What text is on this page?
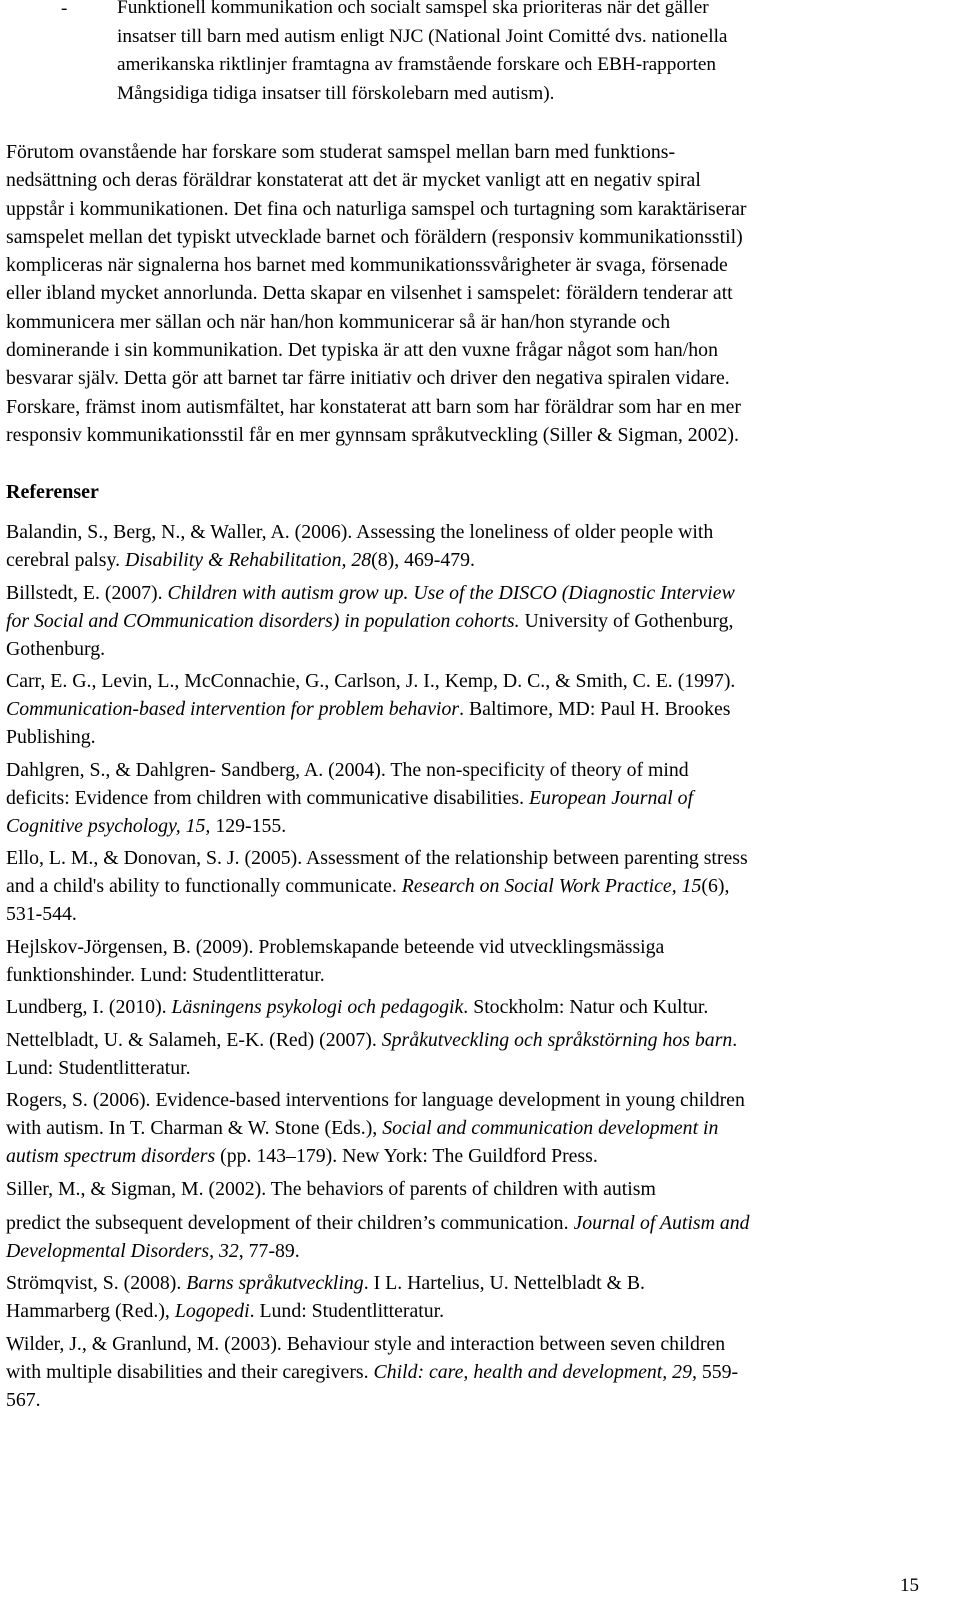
-	Funktionell kommunikation och socialt samspel ska prioriteras när det gäller
insatser till barn med autism enligt NJC (National Joint Comitté dvs. nationella
amerikanska riktlinjer framtagna av framstående forskare och EBH-rapporten
Mångsidiga tidiga insatser till förskolebarn med autism).
Förutom ovanstående har forskare som studerat samspel mellan barn med funktions-
nedsättning och deras föräldrar konstaterat att det är mycket vanligt att en negativ spiral
uppstår i kommunikationen. Det fina och naturliga samspel och turtagning som karaktäriserar
samspelet mellan det typiskt utvecklade barnet och föräldern (responsiv kommunikationsstil)
kompliceras när signalerna hos barnet med kommunikationssvårigheter är svaga, försenade
eller ibland mycket annorlunda. Detta skapar en vilsenhet i samspelet: föräldern tenderar att
kommunicera mer sällan och när han/hon kommunicerar så är han/hon styrande och
dominerande i sin kommunikation. Det typiska är att den vuxne frågar något som han/hon
besvarar själv. Detta gör att barnet tar färre initiativ och driver den negativa spiralen vidare.
Forskare, främst inom autismfältet, har konstaterat att barn som har föräldrar som har en mer
responsiv kommunikationsstil får en mer gynnsam språkutveckling (Siller & Sigman, 2002).
Referenser
Balandin, S., Berg, N., & Waller, A. (2006). Assessing the loneliness of older people with
cerebral palsy. Disability & Rehabilitation, 28(8), 469-479.
Billstedt, E. (2007). Children with autism grow up. Use of the DISCO (Diagnostic Interview
for Social and COmmunication disorders) in population cohorts. University of Gothenburg,
Gothenburg.
Carr, E. G., Levin, L., McConnachie, G., Carlson, J. I., Kemp, D. C., & Smith, C. E. (1997).
Communication-based intervention for problem behavior. Baltimore, MD: Paul H. Brookes
Publishing.
Dahlgren, S., & Dahlgren- Sandberg, A. (2004). The non-specificity of theory of mind
deficits: Evidence from children with communicative disabilities. European Journal of
Cognitive psychology, 15, 129-155.
Ello, L. M., & Donovan, S. J. (2005). Assessment of the relationship between parenting stress
and a child's ability to functionally communicate. Research on Social Work Practice, 15(6),
531-544.
Hejlskov-Jörgensen, B. (2009). Problemskapande beteende vid utvecklingsmässiga
funktionshinder. Lund: Studentlitteratur.
Lundberg, I. (2010). Läsningens psykologi och pedagogik. Stockholm: Natur och Kultur.
Nettelbladt, U. & Salameh, E-K. (Red) (2007). Språkutveckling och språkstörning hos barn.
Lund: Studentlitteratur.
Rogers, S. (2006). Evidence-based interventions for language development in young children
with autism. In T. Charman & W. Stone (Eds.), Social and communication development in
autism spectrum disorders (pp. 143–179). New York: The Guildford Press.
Siller, M., & Sigman, M. (2002). The behaviors of parents of children with autism
predict the subsequent development of their children’s communication. Journal of Autism and
Developmental Disorders, 32, 77-89.
Strömqvist, S. (2008). Barns språkutveckling. I L. Hartelius, U. Nettelbladt & B.
Hammarberg (Red.), Logopedi. Lund: Studentlitteratur.
Wilder, J., & Granlund, M. (2003). Behaviour style and interaction between seven children
with multiple disabilities and their caregivers. Child: care, health and development, 29, 559-
567.
15
